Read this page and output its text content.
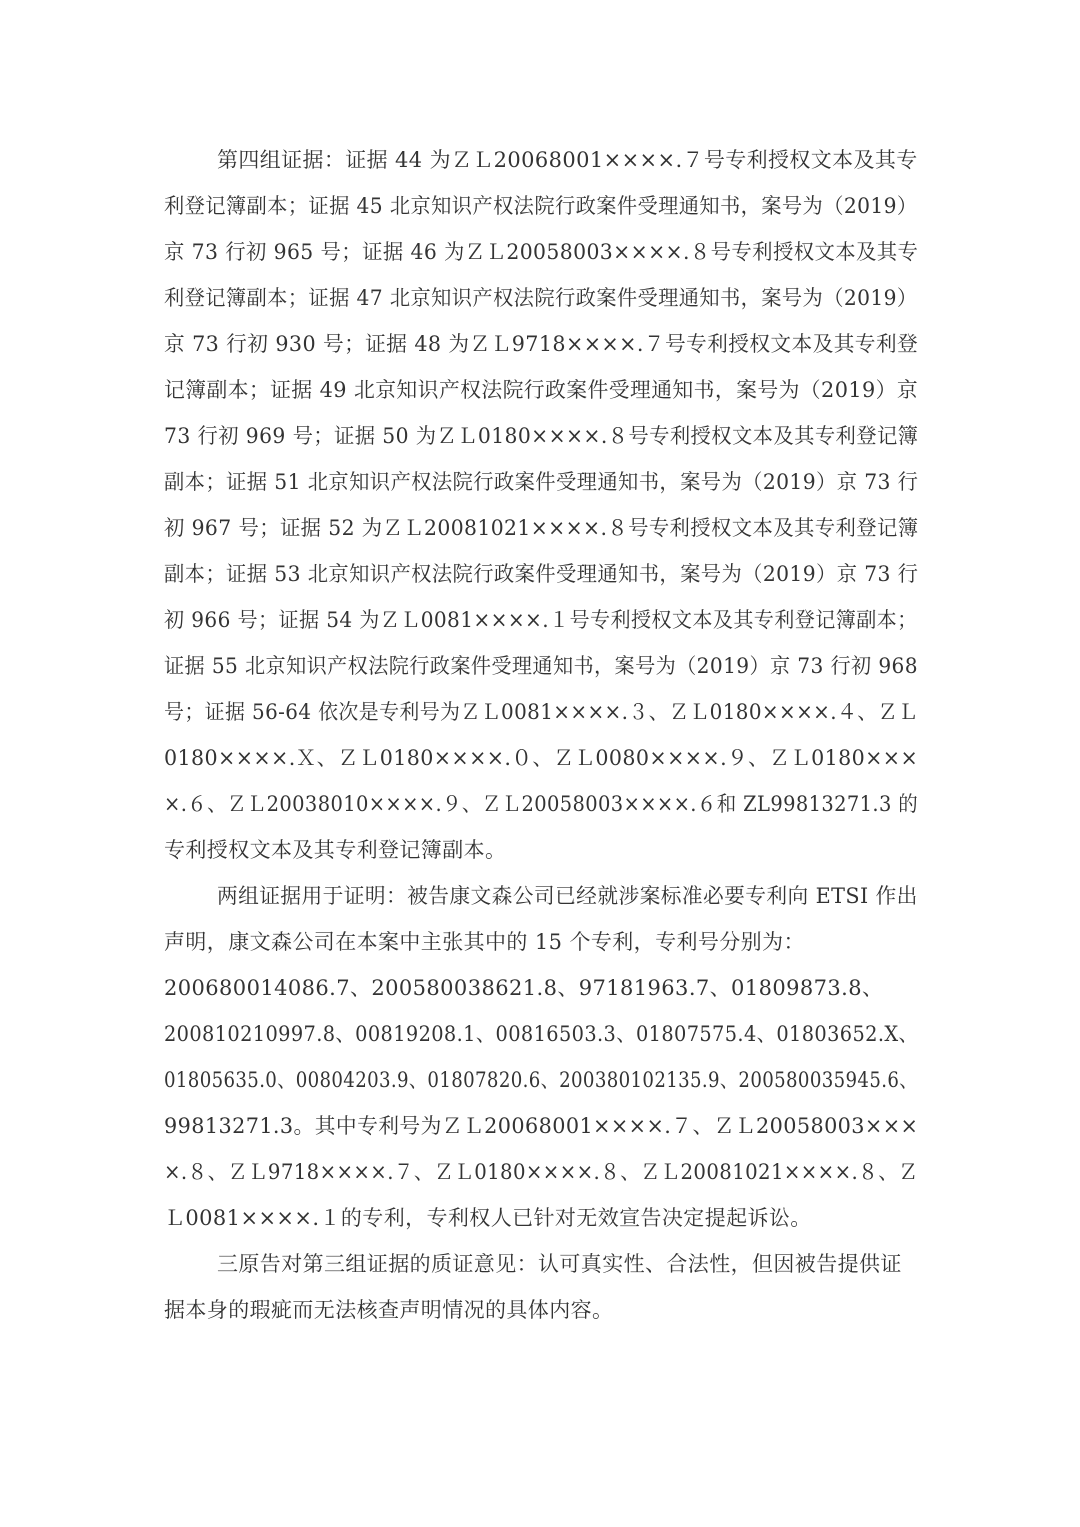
第四组证据：证据 44 为ＺＬ20068001××××.７号专利授权文本及其专
利登记簿副本；证据 45 北京知识产权法院行政案件受理通知书，案号为（2019）
京 73 行初 965 号；证据 46 为ＺＬ20058003××××.８号专利授权文本及其专
利登记簿副本；证据 47 北京知识产权法院行政案件受理通知书，案号为（2019）
京 73 行初 930 号；证据 48 为ＺＬ9718××××.７号专利授权文本及其专利登
记簿副本；证据 49 北京知识产权法院行政案件受理通知书，案号为（2019）京
73 行初 969 号；证据 50 为ＺＬ0180××××.８号专利授权文本及其专利登记簿
副本；证据 51 北京知识产权法院行政案件受理通知书，案号为（2019）京 73 行
初 967 号；证据 52 为ＺＬ20081021××××.８号专利授权文本及其专利登记簿
副本；证据 53 北京知识产权法院行政案件受理通知书，案号为（2019）京 73 行
初 966 号；证据 54 为ＺＬ0081××××.１号专利授权文本及其专利登记簿副本；
证据 55 北京知识产权法院行政案件受理通知书，案号为（2019）京 73 行初 968
号；证据 56-64 依次是专利号为ＺＬ0081××××.３、ＺＬ0180××××.４、ＺＬ
0180××××.Ｘ、ＺＬ0180××××.０、ＺＬ0080××××.９、ＺＬ0180×××
×.６、ＺＬ20038010××××.９、ＺＬ20058003××××.６和 ZL99813271.3 的
专利授权文本及其专利登记簿副本。
两组证据用于证明：被告康文森公司已经就涉案标准必要专利向 ETSI 作出
声明，康文森公司在本案中主张其中的 15 个专利，专利号分别为：
200680014086.7、200580038621.8、97181963.7、01809873.8、
200810210997.8、00819208.1、00816503.3、01807575.4、01803652.X、
01805635.0、00804203.9、01807820.6、200380102135.9、200580035945.6、
99813271.3。其中专利号为ＺＬ20068001××××.７、ＺＬ20058003×××
×.８、ＺＬ9718××××.７、ＺＬ0180××××.８、ＺＬ20081021××××.８、Ｚ
Ｌ0081××××.１的专利，专利权人已针对无效宣告决定提起诉讼。
三原告对第三组证据的质证意见：认可真实性、合法性，但因被告提供证
据本身的瑕疵而无法核查声明情况的具体内容。
